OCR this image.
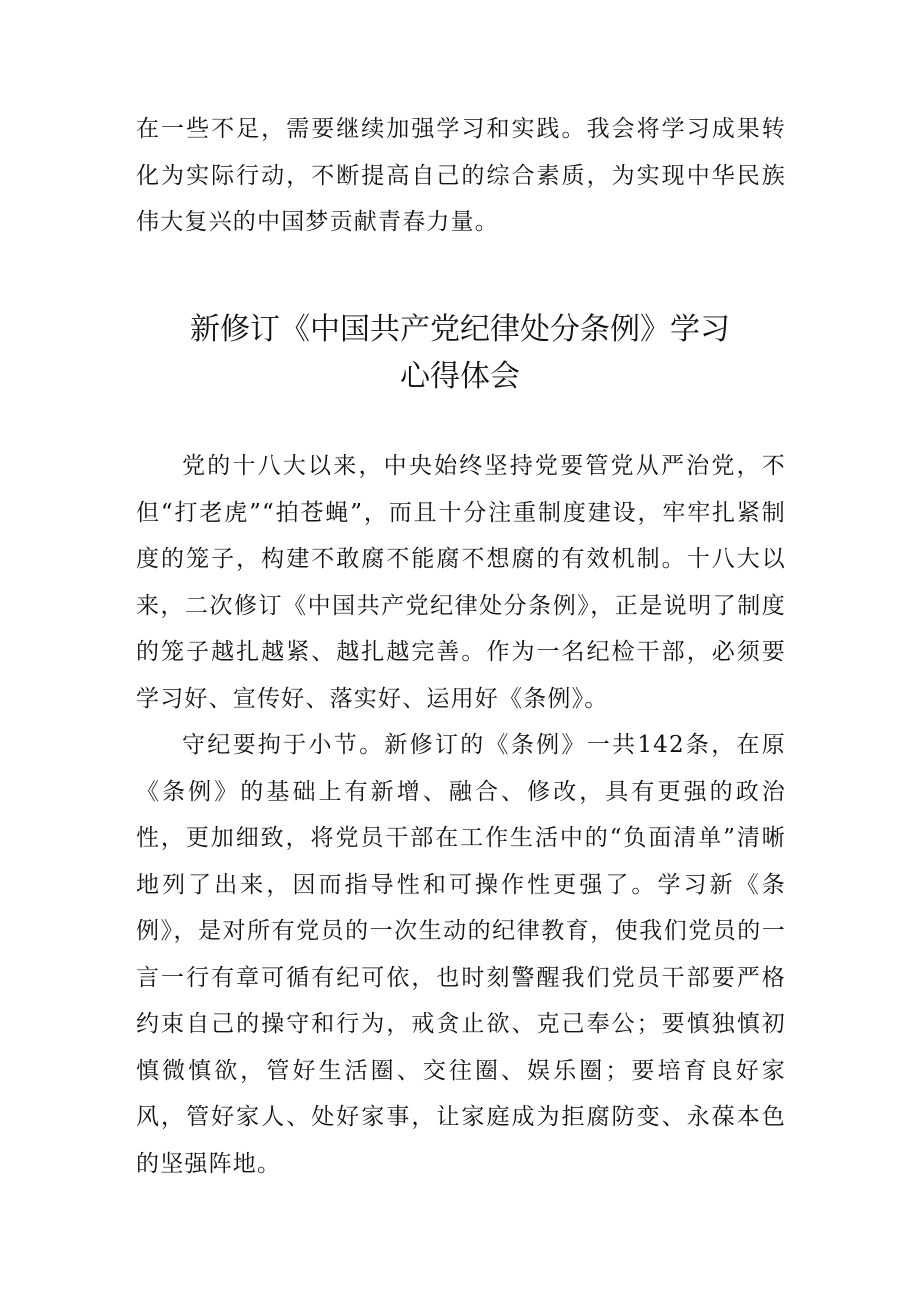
在一些不足，需要继续加强学习和实践。我会将学习成果转化为实际行动，不断提高自己的综合素质，为实现中华民族伟大复兴的中国梦贡献青春力量。
新修订《中国共产党纪律处分条例》学习
心得体会

党的十八大以来，中央始终坚持党要管党从严治党，不但“打老虎”“拍苍蝇”，而且十分注重制度建设，牢牢扎紧制度的笼子，构建不敢腐不能腐不想腐的有效机制。十八大以来，二次修订《中国共产党纪律处分条例》，正是说明了制度的笼子越扎越紧、越扎越完善。作为一名纪检干部，必须要学习好、宣传好、落实好、运用好《条例》。

守纪要拘于小节。新修订的《条例》一共142条，在原《条例》的基础上有新增、融合、修改，具有更强的政治性，更加细致，将党员干部在工作生活中的“负面清单”清晰地列了出来，因而指导性和可操作性更强了。学习新《条例》，是对所有党员的一次生动的纪律教育，使我们党员的一言一行有章可循有纪可依，也时刻警醒我们党员干部要严格约束自己的操守和行为，戒贪止欲、克己奉公；要慎独慎初慎微慎欲，管好生活圈、交往圈、娱乐圈；要培育良好家风，管好家人、处好家事，让家庭成为拒腐防变、永葆本色的坚强阵地。
